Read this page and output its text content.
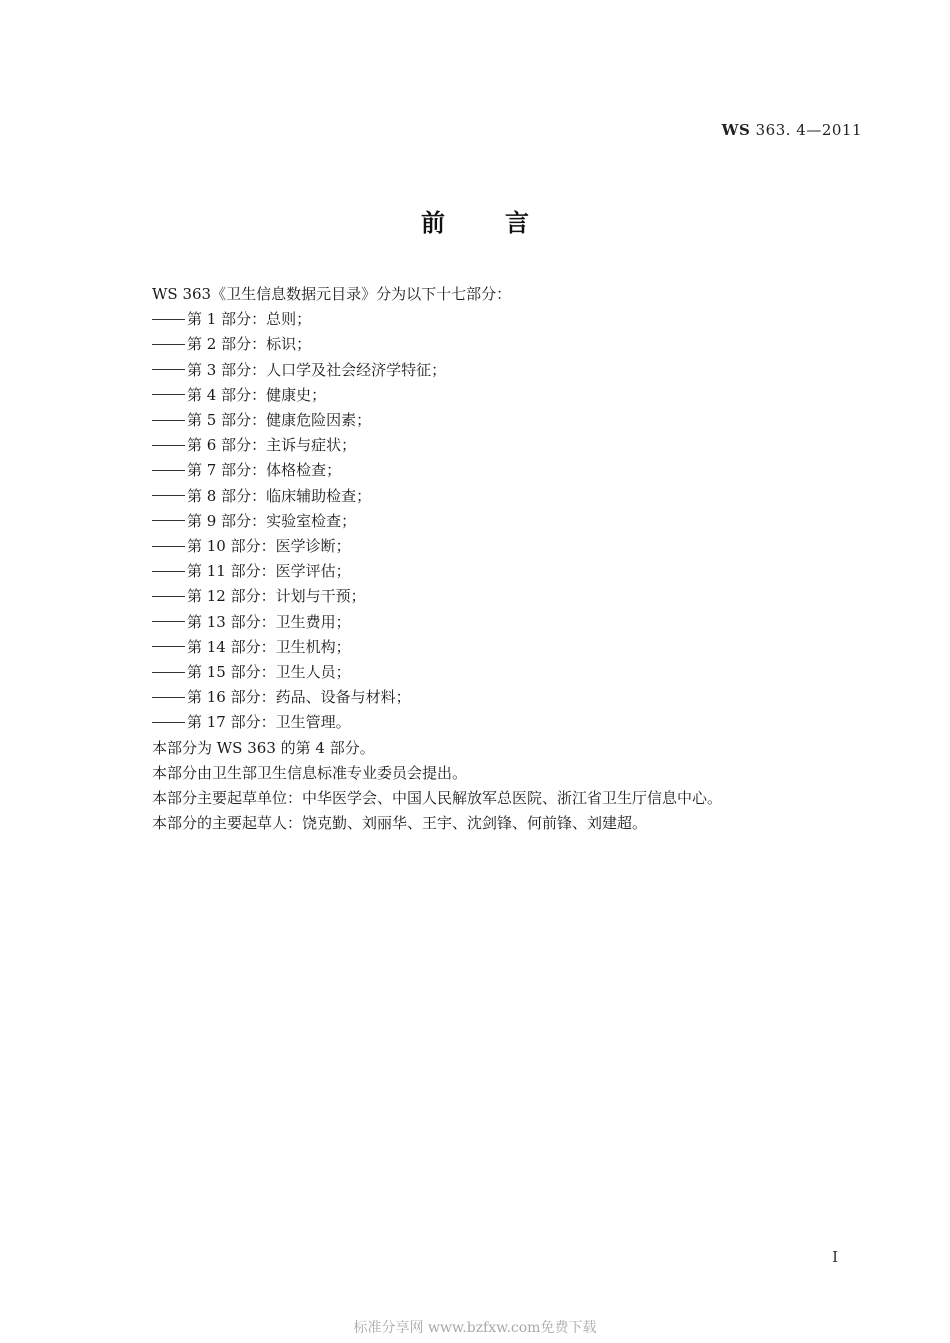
WS 363. 4—2011
前言

WS 363《卫生信息数据元目录》分为以下十七部分：

第 1 部分：总则；
第 2 部分：标识；
第 3 部分：人口学及社会经济学特征；
第 4 部分：健康史；
第 5 部分：健康危险因素；
第 6 部分：主诉与症状；
第 7 部分：体格检查；
第 8 部分：临床辅助检查；
第 9 部分：实验室检查；
第 10 部分：医学诊断；
第 11 部分：医学评估；
第 12 部分：计划与干预；
第 13 部分：卫生费用；
第 14 部分：卫生机构；
第 15 部分：卫生人员；
第 16 部分：药品、设备与材料；
第 17 部分：卫生管理。

本部分为 WS 363 的第 4 部分。

本部分由卫生部卫生信息标准专业委员会提出。

本部分主要起草单位：中华医学会、中国人民解放军总医院、浙江省卫生厅信息中心。

本部分的主要起草人：饶克勤、刘丽华、王宇、沈剑锋、何前锋、刘建超。

I
标准分享网 www.bzfxw.com免费下载
